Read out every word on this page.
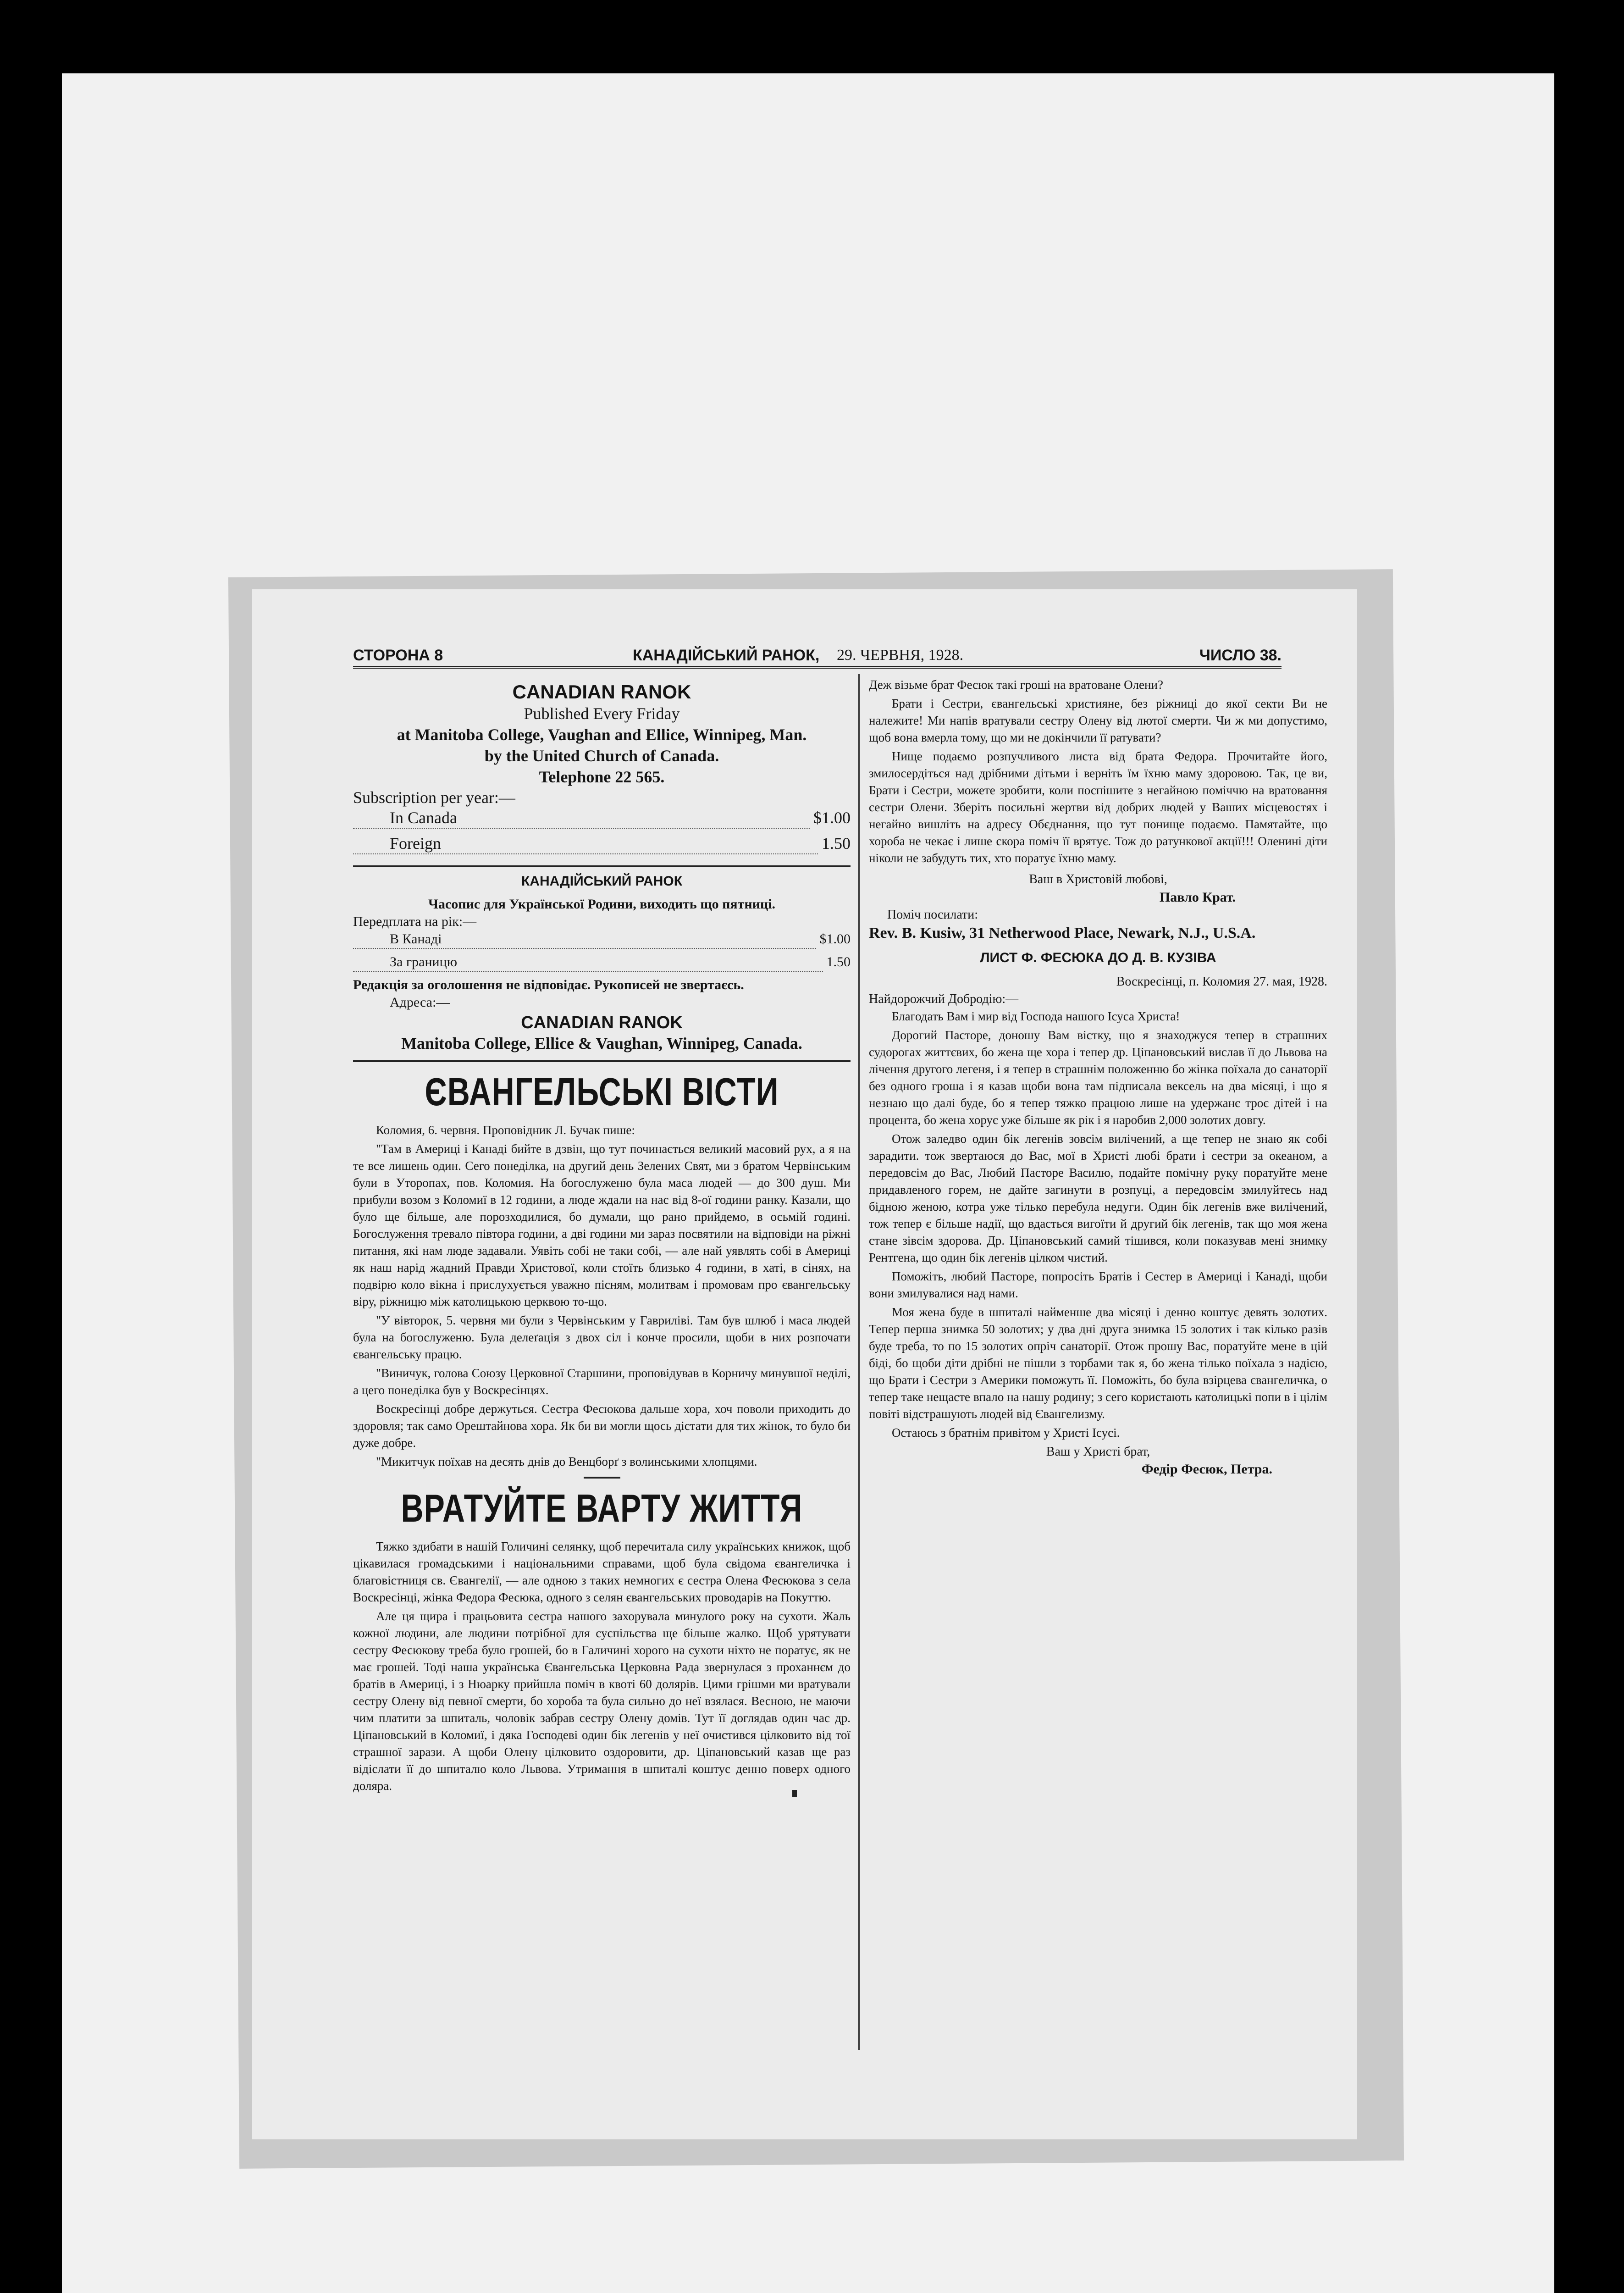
СТОРОНА 8	КАНАДІЙСЬКИЙ РАНОК, 29. ЧЕРВНЯ, 1928.	ЧИСЛО 38.
CANADIAN RANOK
Published Every Friday
at Manitoba College, Vaughan and Ellice, Winnipeg, Man.
by the United Church of Canada.
Telephone 22 565.
Subscription per year:—
In Canada	$1.00
Foreign	1.50
КАНАДІЙСЬКИЙ РАНОК
Часопис для Української Родини, виходить що пятниці.
Передплата на рік:—
В Канаді	$1.00
За границю	1.50
Редакція за оголошення не відповідає. Рукописей не звертаєсь.
Адреса:—
CANADIAN RANOK
Manitoba College, Ellice & Vaughan, Winnipeg, Canada.
ЄВАНГЕЛЬСЬКІ ВІСТИ

Коломия, 6. червня. Проповідник Л. Бучак пише:

"Там в Америці і Канаді бийте в дзвін, що тут починається великий масовий рух, а я на те все лишень один. Сего понеділка, на другий день Зелених Свят, ми з братом Червінським були в Уторопах, пов. Коломия. На богослуженю була маса людей — до 300 душ. Ми прибули возом з Коломиї в 12 години, а люде ждали на нас від 8-ої години ранку. Казали, що було ще більше, але порозходилися, бо думали, що рано прийдемо, в осьмій годині. Богослуження тревало півтора години, а дві години ми зараз посвятили на відповіди на ріжні питання, які нам люде задавали. Уявіть собі не таки собі, — але най уявлять собі в Америці як наш нарід жадний Правди Христової, коли стоїть близько 4 години, в хаті, в сінях, на подвірю коло вікна і прислухується уважно пісням, молитвам і промовам про євангельську віру, ріжницю між католицькою церквою то-що.

"У вівторок, 5. червня ми були з Червінським у Гавриліві. Там був шлюб і маса людей була на богослуженю. Була делеґація з двох сіл і конче просили, щоби в них розпочати євангельську працю.

"Виничук, голова Союзу Церковної Старшини, проповідував в Корничу минувшої неділі, а цего понеділка був у Воскресінцях.

Воскресінці добре держуться. Сестра Фесюкова дальше хора, хоч поволи приходить до здоровля; так само Орештайнова хора. Як би ви могли щось дістати для тих жінок, то було би дуже добре.

"Микитчук поїхав на десять днів до Венцборґ з волинськими хлопцями.

ВРАТУЙТЕ ВАРТУ ЖИТТЯ

Тяжко здибати в нашій Голичині селянку, щоб перечитала силу українських книжок, щоб цікавилася громадськими і національними справами, щоб була свідома євангеличка і благовістниця св. Євангелії, — але одною з таких немногих є сестра Олена Фесюкова з села Воскресінці, жінка Федора Фесюка, одного з селян євангельських проводарів на Покуттю.

Але ця щира і працьовита сестра нашого захорувала минулого року на сухоти. Жаль кожної людини, але людини потрібної для суспільства ще більше жалко. Щоб урятувати сестру Фесюкову треба було грошей, бо в Галичині хорого на сухоти ніхто не поратує, як не має грошей. Тоді наша українська Євангельська Церковна Рада звернулася з проханнєм до братів в Америці, і з Нюарку прийшла поміч в квоті 60 долярів. Цими грішми ми вратували сестру Олену від певної смерти, бо хороба та була сильно до неї взялася. Весною, не маючи чим платити за шпиталь, чоловік забрав сестру Олену домів. Тут її доглядав один час др. Ціпановський в Коломиї, і дяка Господеві один бік легенів у неї очистився цілковито від тої страшної зарази. А щоби Олену цілковито оздоровити, др. Ціпановський казав ще раз відіслати її до шпиталю коло Львова. Утримання в шпиталі коштує денно поверх одного доляра.

Деж візьме брат Фесюк такі гроші на вратоване Олени?

Брати і Сестри, євангельські християне, без ріжниці до якої секти Ви не належите! Ми напів вратували сестру Олену від лютої смерти. Чи ж ми допустимо, щоб вона вмерла тому, що ми не докінчили її ратувати?

Нище подаємо розпучливого листа від брата Федора. Прочитайте його, змилосердіться над дрібними дітьми і верніть їм їхню маму здоровою. Так, це ви, Брати і Сестри, можете зробити, коли поспішите з негайною поміччю на вратовання сестри Олени. Зберіть посильні жертви від добрих людей у Ваших місцевостях і негайно вишліть на адресу Обєднання, що тут понище подаємо. Памятайте, що хороба не чекає і лише скора поміч її врятує. Тож до ратункової акції!!! Оленині діти ніколи не забудуть тих, хто поратує їхню маму.

Ваш в Христовій любові,
Павло Крат.
Поміч посилати:
Rev. B. Kusiw, 31 Netherwood Place, Newark, N.J., U.S.A.
ЛИСТ Ф. ФЕСЮКА ДО Д. В. КУЗІВА
Воскресінці, п. Коломия 27. мая, 1928.
Найдорожчий Добродію:—

Благодать Вам і мир від Господа нашого Ісуса Христа!

Дорогий Пасторе, доношу Вам вістку, що я знаходжуся тепер в страшних судорогах життєвих, бо жена ще хора і тепер др. Ціпановський вислав її до Львова на лічення другого легеня, і я тепер в страшнім положенню бо жінка поїхала до санаторії без одного гроша і я казав щоби вона там підписала вексель на два місяці, і що я незнаю що далі буде, бо я тепер тяжко працюю лише на удержанє троє дітей і на процента, бо жена хорує уже більше як рік і я наробив 2,000 золотих довгу.

Отож заледво один бік легенів зовсім вилічений, а ще тепер не знаю як собі зарадити. тож звертаюся до Вас, мої в Христі любі брати і сестри за океаном, а передовсім до Вас, Любий Пасторе Василю, подайте помічну руку поратуйте мене придавленого горем, не дайте загинути в розпуці, а передовсім змилуйтесь над бідною женою, котра уже тілько перебула недуги. Один бік легенів вже вилічений, тож тепер є більше надії, що вдасться вигоїти й другий бік легенів, так що моя жена стане зівсім здорова. Др. Ціпановський самий тішився, коли показував мені знимку Рентгена, що один бік легенів цілком чистий.

Поможіть, любий Пасторе, попросіть Братів і Сестер в Америці і Канаді, щоби вони змилувалися над нами.

Моя жена буде в шпиталі найменше два місяці і денно коштує девять золотих. Тепер перша знимка 50 золотих; у два дні друга знимка 15 золотих і так кілько разів буде треба, то по 15 золотих опріч санаторії. Отож прошу Вас, поратуйте мене в цій біді, бо щоби діти дрібні не пішли з торбами так я, бо жена тілько поїхала з надією, що Брати і Сестри з Америки поможуть її. Поможіть, бо була взірцева євангеличка, о тепер таке нещасте впало на нашу родину; з сего користають католицькі попи в і цілім повіті відстрашують людей від Євангелизму.

Остаюсь з братнім привітом у Христі Ісусі.

Ваш у Христі брат,
Федір Фесюк, Петра.
